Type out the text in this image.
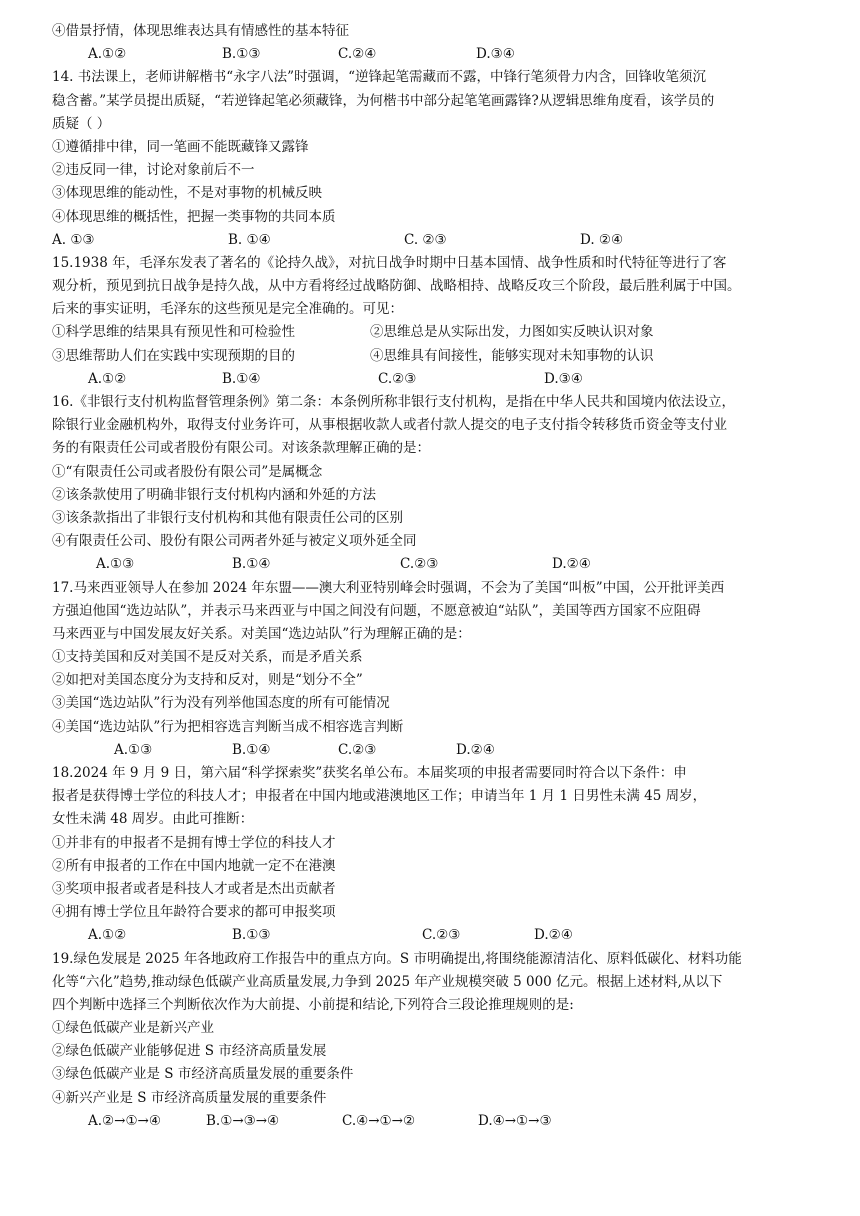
④借景抒情，体现思维表达具有情感性的基本特征
A.①②	B.①③	C.②④	D.③④
14. 书法课上，老师讲解楷书“永字八法”时强调，“逆锋起笔需藏而不露，中锋行笔须骨力内含，回锋收笔须沉
稳含蓄。”某学员提出质疑，“若逆锋起笔必须藏锋，为何楷书中部分起笔笔画露锋?从逻辑思维角度看，该学员的
质疑（ ）
①遵循排中律，同一笔画不能既藏锋又露锋
②违反同一律，讨论对象前后不一
③体现思维的能动性，不是对事物的机械反映
④体现思维的概括性，把握一类事物的共同本质
A. ①③	B. ①④	C. ②③	D. ②④
15.1938 年，毛泽东发表了著名的《论持久战》，对抗日战争时期中日基本国情、战争性质和时代特征等进行了客
观分析，预见到抗日战争是持久战，从中方看将经过战略防御、战略相持、战略反攻三个阶段，最后胜利属于中国。
后来的事实证明，毛泽东的这些预见是完全准确的。可见：
①科学思维的结果具有预见性和可检验性	②思维总是从实际出发，力图如实反映认识对象
③思维帮助人们在实践中实现预期的目的	④思维具有间接性，能够实现对未知事物的认识
A.①②	B.①④	C.②③	D.③④
16.《非银行支付机构监督管理条例》第二条：本条例所称非银行支付机构，是指在中华人民共和国境内依法设立，
除银行业金融机构外，取得支付业务许可，从事根据收款人或者付款人提交的电子支付指令转移货币资金等支付业
务的有限责任公司或者股份有限公司。对该条款理解正确的是：
①“有限责任公司或者股份有限公司”是属概念
②该条款使用了明确非银行支付机构内涵和外延的方法
③该条款指出了非银行支付机构和其他有限责任公司的区别
④有限责任公司、股份有限公司两者外延与被定义项外延全同
A.①③	B.①④	C.②③	D.②④
17.马来西亚领导人在参加 2024 年东盟——澳大利亚特别峰会时强调，不会为了美国“叫板”中国，公开批评美西
方强迫他国“选边站队”，并表示马来西亚与中国之间没有问题，不愿意被迫“站队”，美国等西方国家不应阻碍
马来西亚与中国发展友好关系。对美国“选边站队”行为理解正确的是：
①支持美国和反对美国不是反对关系，而是矛盾关系
②如把对美国态度分为支持和反对，则是“划分不全”
③美国“选边站队”行为没有列举他国态度的所有可能情况
④美国“选边站队”行为把相容选言判断当成不相容选言判断
A.①③	B.①④	C.②③	D.②④
18.2024 年 9 月 9 日，第六届“科学探索奖”获奖名单公布。本届奖项的申报者需要同时符合以下条件：申
报者是获得博士学位的科技人才；申报者在中国内地或港澳地区工作；申请当年 1 月 1 日男性未满 45 周岁，
女性未满 48 周岁。由此可推断：
①并非有的申报者不是拥有博士学位的科技人才
②所有申报者的工作在中国内地就一定不在港澳
③奖项申报者或者是科技人才或者是杰出贡献者
④拥有博士学位且年龄符合要求的都可申报奖项
A.①②	B.①③	C.②③	D.②④
19.绿色发展是 2025 年各地政府工作报告中的重点方向。S 市明确提出,将围绕能源清洁化、原料低碳化、材料功能
化等“六化”趋势,推动绿色低碳产业高质量发展,力争到 2025 年产业规模突破 5 000 亿元。根据上述材料,从以下
四个判断中选择三个判断依次作为大前提、小前提和结论,下列符合三段论推理规则的是:
①绿色低碳产业是新兴产业
②绿色低碳产业能够促进 S 市经济高质量发展
③绿色低碳产业是 S 市经济高质量发展的重要条件
④新兴产业是 S 市经济高质量发展的重要条件
A.②→①→④	B.①→③→④	C.④→①→②	D.④→①→③
